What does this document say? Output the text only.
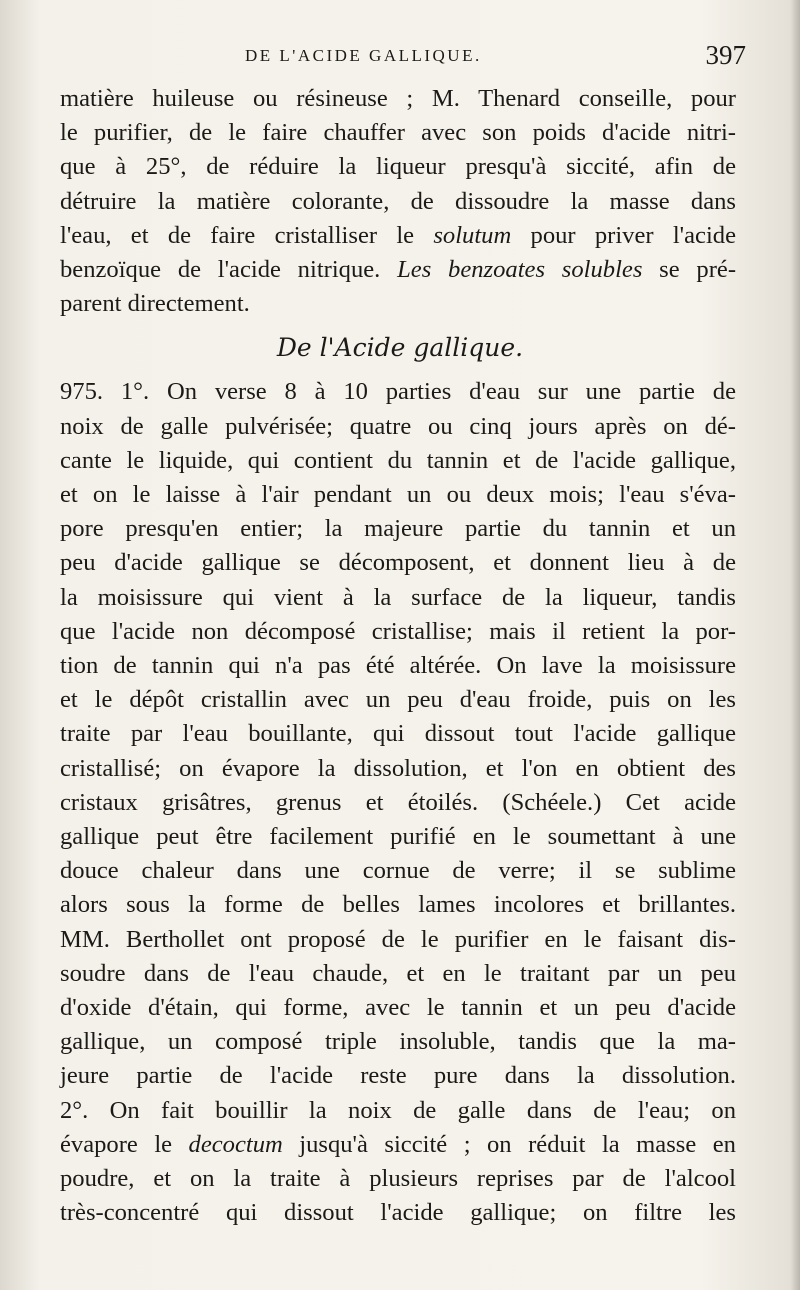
DE L'ACIDE GALLIQUE.	397
matière huileuse ou résineuse ; M. Thenard conseille, pour
le purifier, de le faire chauffer avec son poids d'acide nitri-
que à 25°, de réduire la liqueur presqu'à siccité, afin de
détruire la matière colorante, de dissoudre la masse dans
l'eau, et de faire cristalliser le solutum pour priver l'acide
benzoïque de l'acide nitrique. Les benzoates solubles se pré-
parent directement.
De l'Acide gallique.
975. 1°. On verse 8 à 10 parties d'eau sur une partie de
noix de galle pulvérisée; quatre ou cinq jours après on dé-
cante le liquide, qui contient du tannin et de l'acide gallique,
et on le laisse à l'air pendant un ou deux mois; l'eau s'éva-
pore presqu'en entier; la majeure partie du tannin et un
peu d'acide gallique se décomposent, et donnent lieu à de
la moisissure qui vient à la surface de la liqueur, tandis
que l'acide non décomposé cristallise; mais il retient la por-
tion de tannin qui n'a pas été altérée. On lave la moisissure
et le dépôt cristallin avec un peu d'eau froide, puis on les
traite par l'eau bouillante, qui dissout tout l'acide gallique
cristallisé; on évapore la dissolution, et l'on en obtient des
cristaux grisâtres, grenus et étoilés. (Schéele.) Cet acide
gallique peut être facilement purifié en le soumettant à une
douce chaleur dans une cornue de verre; il se sublime
alors sous la forme de belles lames incolores et brillantes.
MM. Berthollet ont proposé de le purifier en le faisant dis-
soudre dans de l'eau chaude, et en le traitant par un peu
d'oxide d'étain, qui forme, avec le tannin et un peu d'acide
gallique, un composé triple insoluble, tandis que la ma-
jeure partie de l'acide reste pure dans la dissolution.
2°. On fait bouillir la noix de galle dans de l'eau; on
évapore le decoctum jusqu'à siccité ; on réduit la masse en
poudre, et on la traite à plusieurs reprises par de l'alcool
très-concentré qui dissout l'acide gallique; on filtre les
